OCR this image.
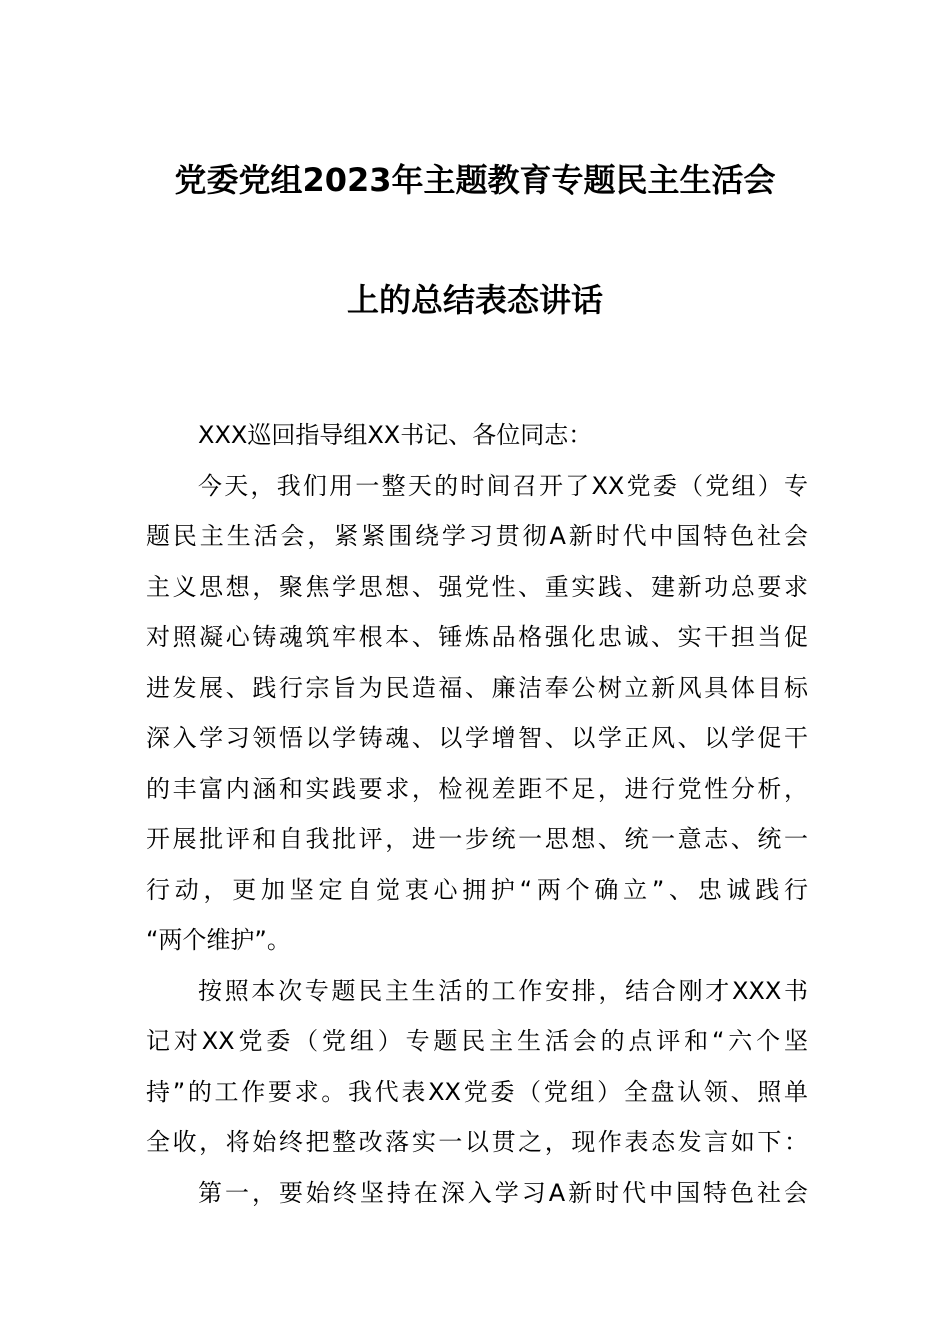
党委党组2023年主题教育专题民主生活会
上的总结表态讲话
XXX巡回指导组XX书记、各位同志：
今天，我们用一整天的时间召开了XX党委（党组）专
题民主生活会，紧紧围绕学习贯彻A新时代中国特色社会
主义思想，聚焦学思想、强党性、重实践、建新功总要求
对照凝心铸魂筑牢根本、锤炼品格强化忠诚、实干担当促
进发展、践行宗旨为民造福、廉洁奉公树立新风具体目标
深入学习领悟以学铸魂、以学增智、以学正风、以学促干
的丰富内涵和实践要求，检视差距不足，进行党性分析，
开展批评和自我批评，进一步统一思想、统一意志、统一
行动，更加坚定自觉衷心拥护“两个确立”、忠诚践行
“两个维护”。
按照本次专题民主生活的工作安排，结合刚才XXX书
记对XX党委（党组）专题民主生活会的点评和“六个坚
持”的工作要求。我代表XX党委（党组）全盘认领、照单
全收，将始终把整改落实一以贯之，现作表态发言如下：
第一，要始终坚持在深入学习A新时代中国特色社会
